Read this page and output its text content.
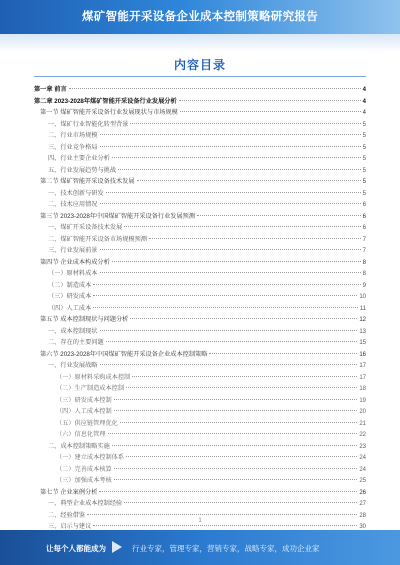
煤矿智能开采设备企业成本控制策略研究报告
内容目录
第一章 前言	4
第二章 2023-2028年煤矿智能开采设备行业发展分析	4
第一节 煤矿智能开采设备行业发展现状与市场规模	4
一、煤矿行业智能化转型背景	5
二、行业市场规模	5
三、行业竞争格局	5
四、行业主要企业分析	5
五、行业发展趋势与挑战	5
第二节 煤矿智能开采设备技术发展	5
一、技术创新与研发	5
二、技术应用情况	6
第三节 2023-2028年中国煤矿智能开采设备行业发展预测	6
一、煤矿开采设备技术发展	6
二、煤矿智能开采设备市场规模预测	7
三、行业发展前景	7
第四节 企业成本构成分析	8
（一）原材料成本	8
（二）制造成本	9
（三）研发成本	10
（四）人工成本	11
第五节 成本控制现状与问题分析	12
一、成本控制现状	13
二、存在的主要问题	15
第六节 2023-2028年中国煤矿智能开采设备企业成本控制策略	16
一、行业发展战略	17
（一）原材料采购成本控制	17
（二）生产制造成本控制	18
（三）研发成本控制	19
（四）人工成本控制	20
（五）供应链管理优化	21
（六）信息化管理	22
二、成本控制策略实施	23
（一）建立成本控制体系	24
（二）完善成本核算	24
（三）加强成本考核	25
第七节 企业案例分析	26
一、典型企业成本控制经验	27
二、经验借鉴	28
三、启示与建议	30
1
让每个人都能成为	行业专家，管理专家，营销专家，战略专家，成功企业家
